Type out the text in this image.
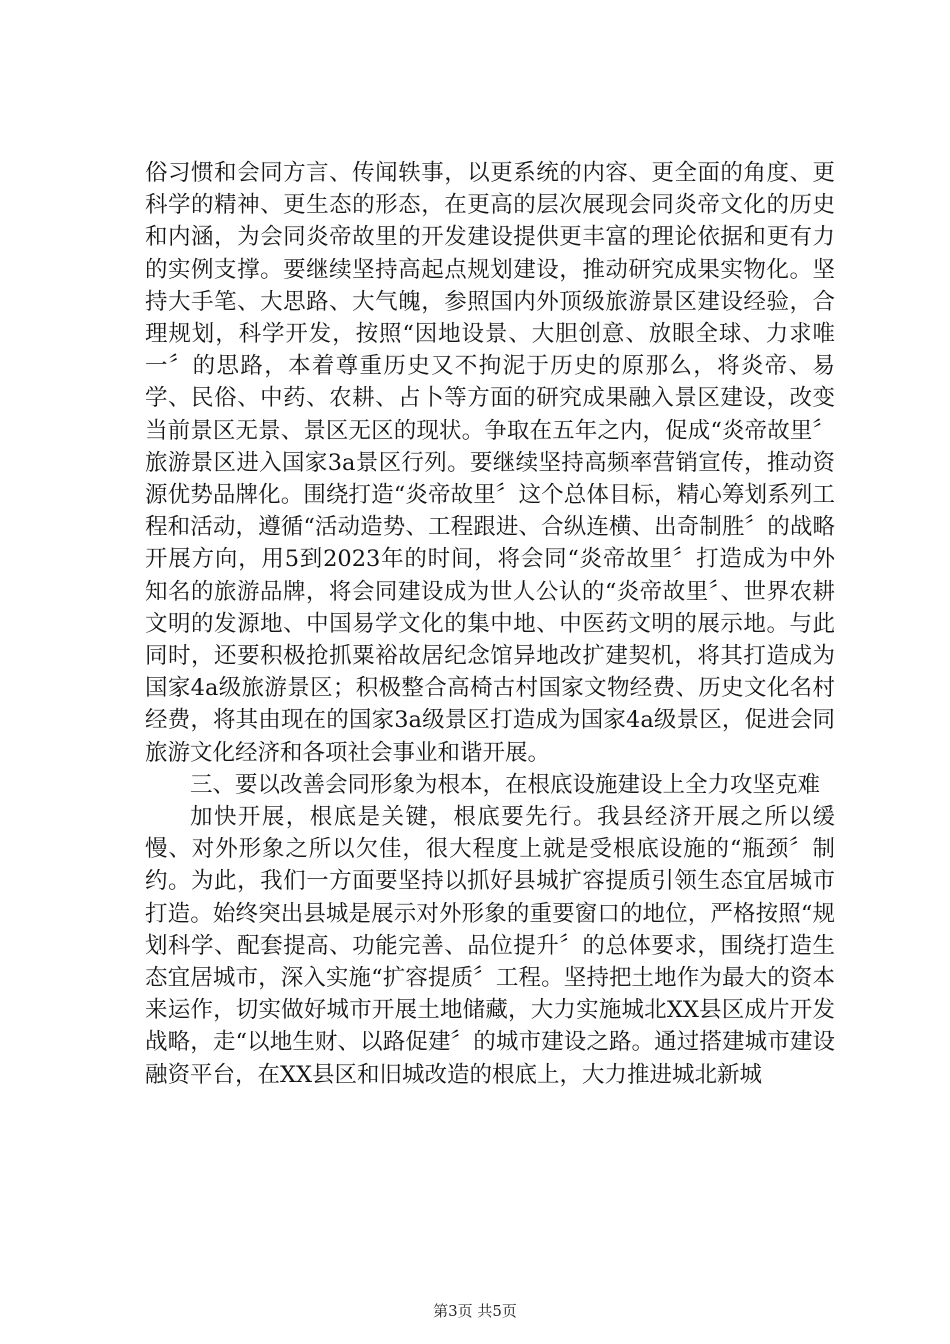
俗习惯和会同方言、传闻轶事，以更系统的内容、更全面的角度、更科学的精神、更生态的形态，在更高的层次展现会同炎帝文化的历史和内涵，为会同炎帝故里的开发建设提供更丰富的理论依据和更有力的实例支撑。要继续坚持高起点规划建设，推动研究成果实物化。坚持大手笔、大思路、大气魄，参照国内外顶级旅游景区建设经验，合理规划，科学开发，按照“因地设景、大胆创意、放眼全球、力求唯一〞的思路，本着尊重历史又不拘泥于历史的原那么，将炎帝、易学、民俗、中药、农耕、占卜等方面的研究成果融入景区建设，改变当前景区无景、景区无区的现状。争取在五年之内，促成“炎帝故里〞旅游景区进入国家3a景区行列。要继续坚持高频率营销宣传，推动资源优势品牌化。围绕打造“炎帝故里〞这个总体目标，精心筹划系列工程和活动，遵循“活动造势、工程跟进、合纵连横、出奇制胜〞的战略开展方向，用5到2023年的时间，将会同“炎帝故里〞打造成为中外知名的旅游品牌，将会同建设成为世人公认的“炎帝故里〞、世界农耕文明的发源地、中国易学文化的集中地、中医药文明的展示地。与此同时，还要积极抢抓粟裕故居纪念馆异地改扩建契机，将其打造成为国家4a级旅游景区；积极整合高椅古村国家文物经费、历史文化名村经费，将其由现在的国家3a级景区打造成为国家4a级景区，促进会同旅游文化经济和各项社会事业和谐开展。

三、要以改善会同形象为根本，在根底设施建设上全力攻坚克难

加快开展，根底是关键，根底要先行。我县经济开展之所以缓慢、对外形象之所以欠佳，很大程度上就是受根底设施的“瓶颈〞制约。为此，我们一方面要坚持以抓好县城扩容提质引领生态宜居城市打造。始终突出县城是展示对外形象的重要窗口的地位，严格按照“规划科学、配套提高、功能完善、品位提升〞的总体要求，围绕打造生态宜居城市，深入实施“扩容提质〞工程。坚持把土地作为最大的资本来运作，切实做好城市开展土地储藏，大力实施城北XX县区成片开发战略，走“以地生财、以路促建〞的城市建设之路。通过搭建城市建设融资平台，在XX县区和旧城改造的根底上，大力推进城北新城

第3页 共5页
